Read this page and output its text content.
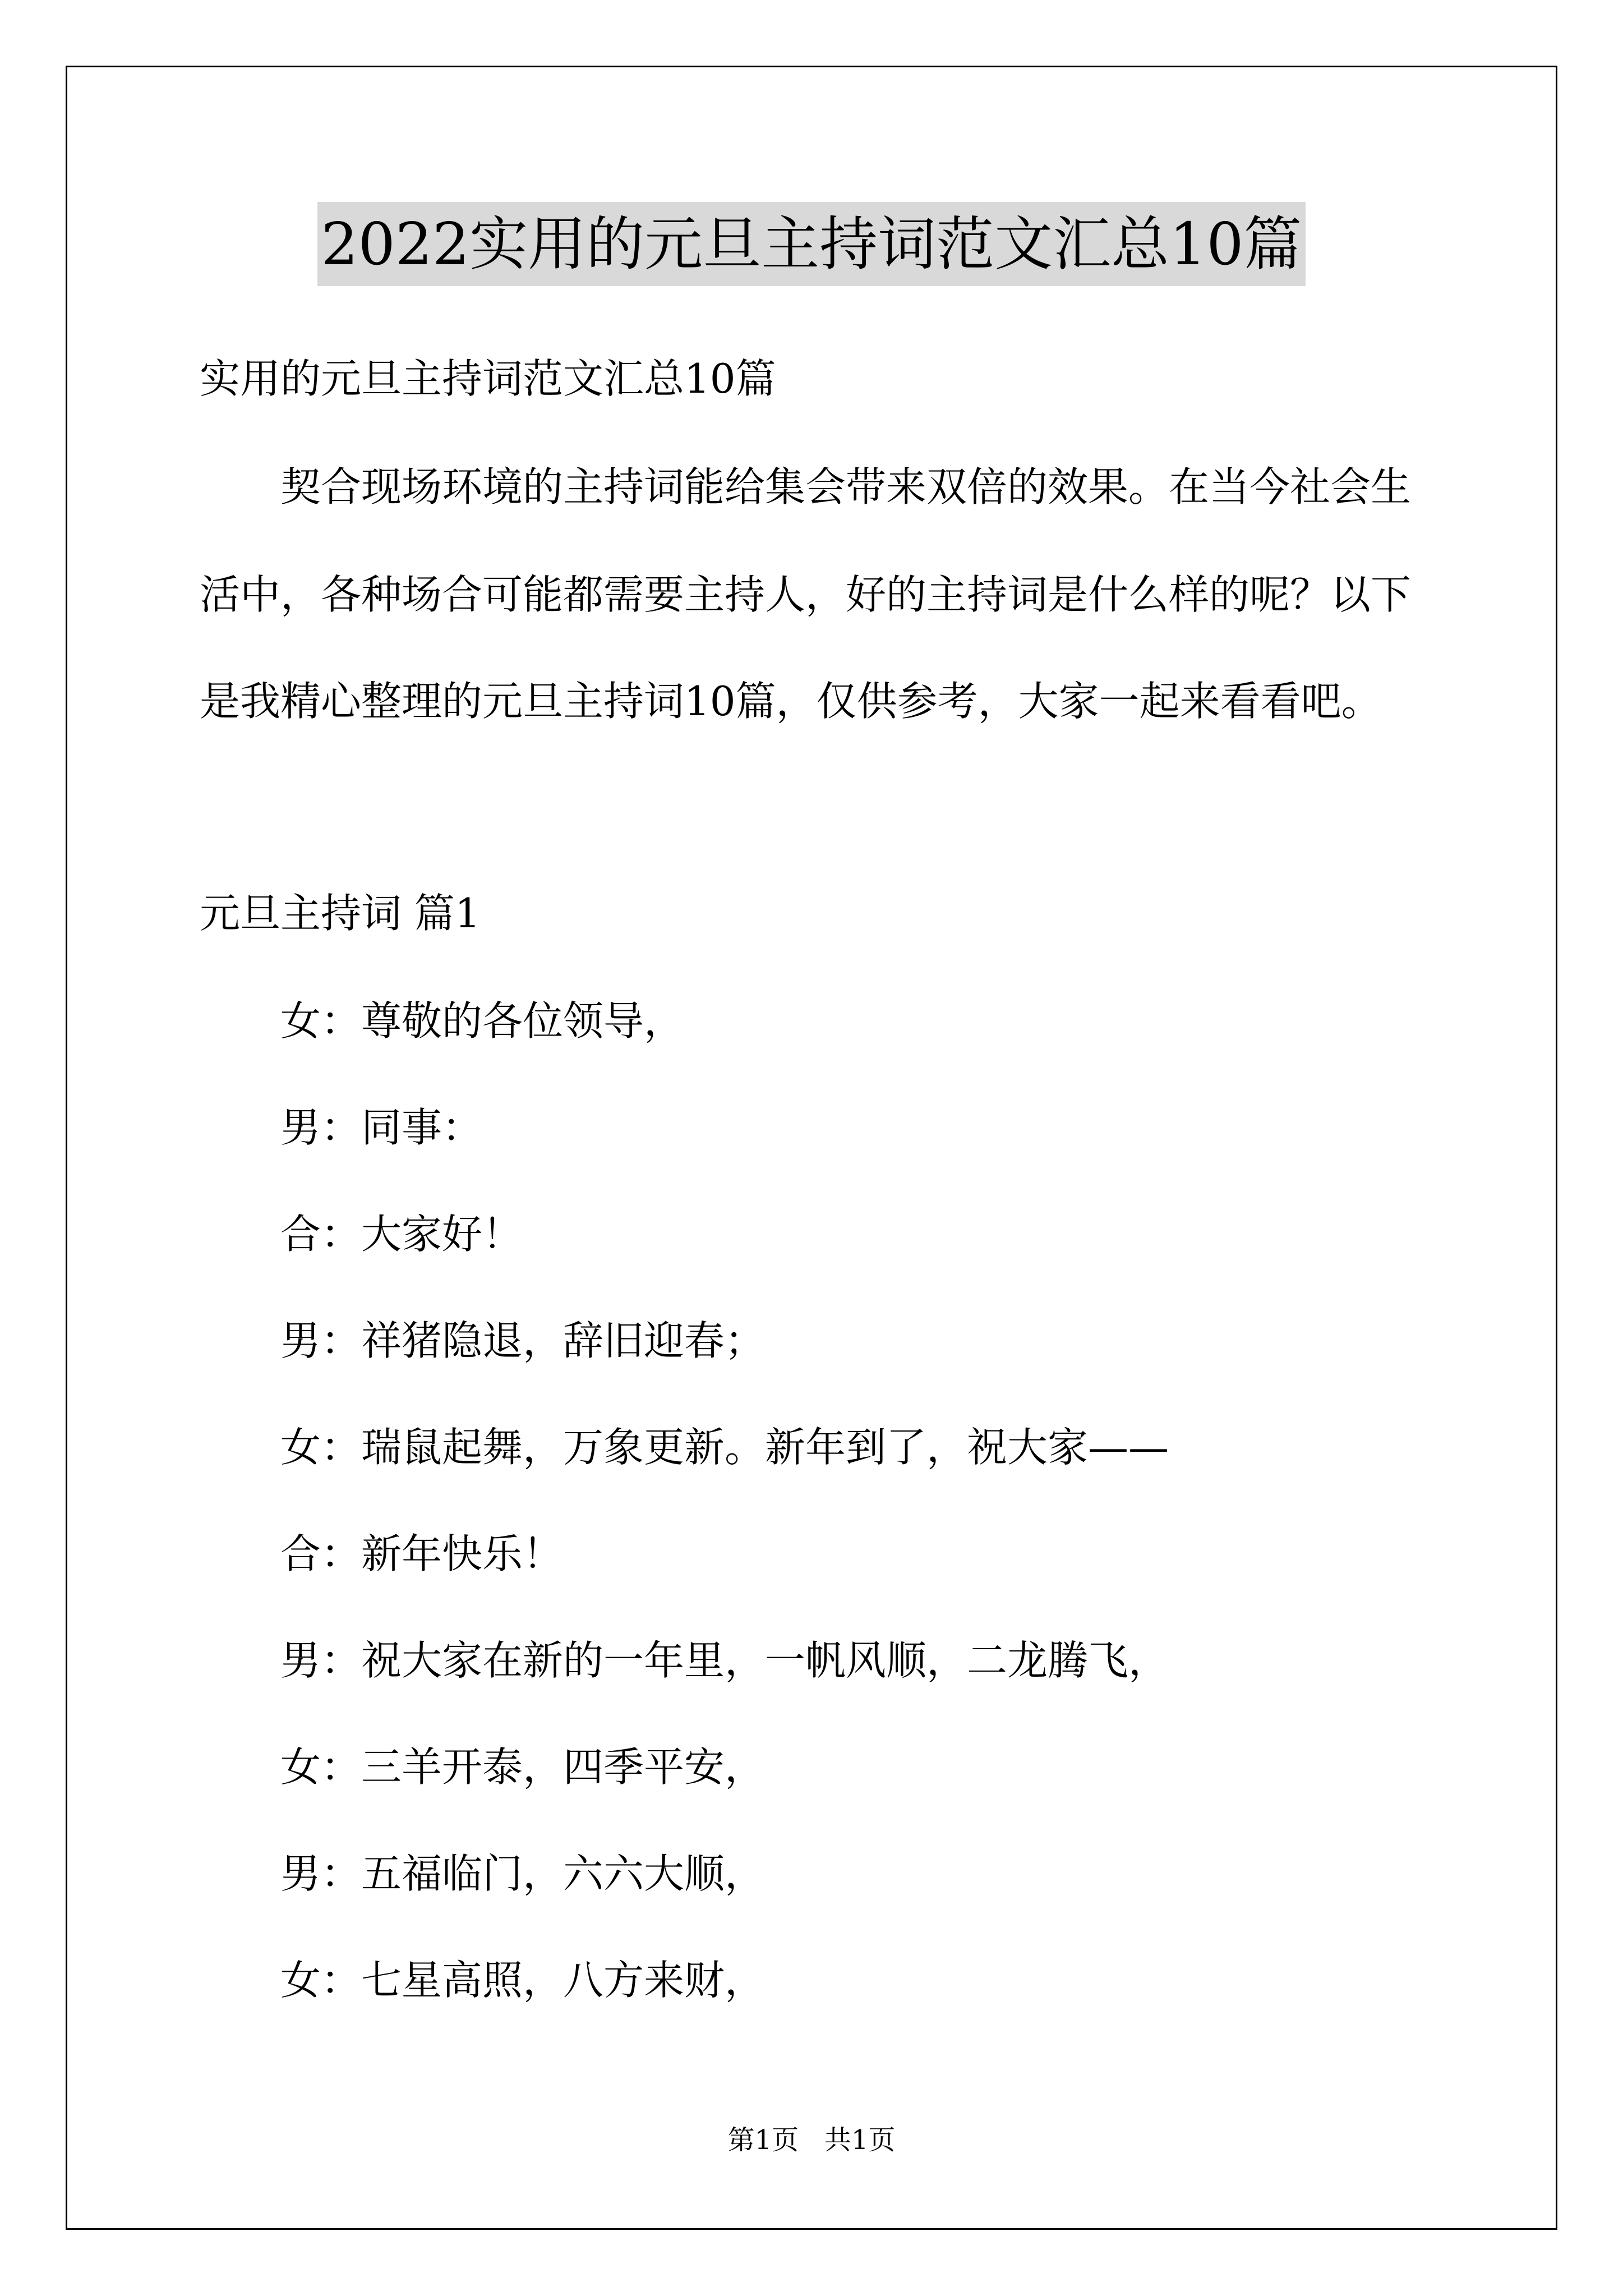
2022实用的元旦主持词范文汇总10篇
实用的元旦主持词范文汇总10篇
契合现场环境的主持词能给集会带来双倍的效果。在当今社会生
活中，各种场合可能都需要主持人，好的主持词是什么样的呢？以下
是我精心整理的元旦主持词10篇，仅供参考，大家一起来看看吧。
元旦主持词 篇1
女：尊敬的各位领导，
男：同事：
合：大家好！
男：祥猪隐退，辞旧迎春；
女：瑞鼠起舞，万象更新。新年到了，祝大家——
合：新年快乐！
男：祝大家在新的一年里，一帆风顺，二龙腾飞，
女：三羊开泰，四季平安，
男：五福临门，六六大顺，
女：七星高照，八方来财，
第1页   共1页
